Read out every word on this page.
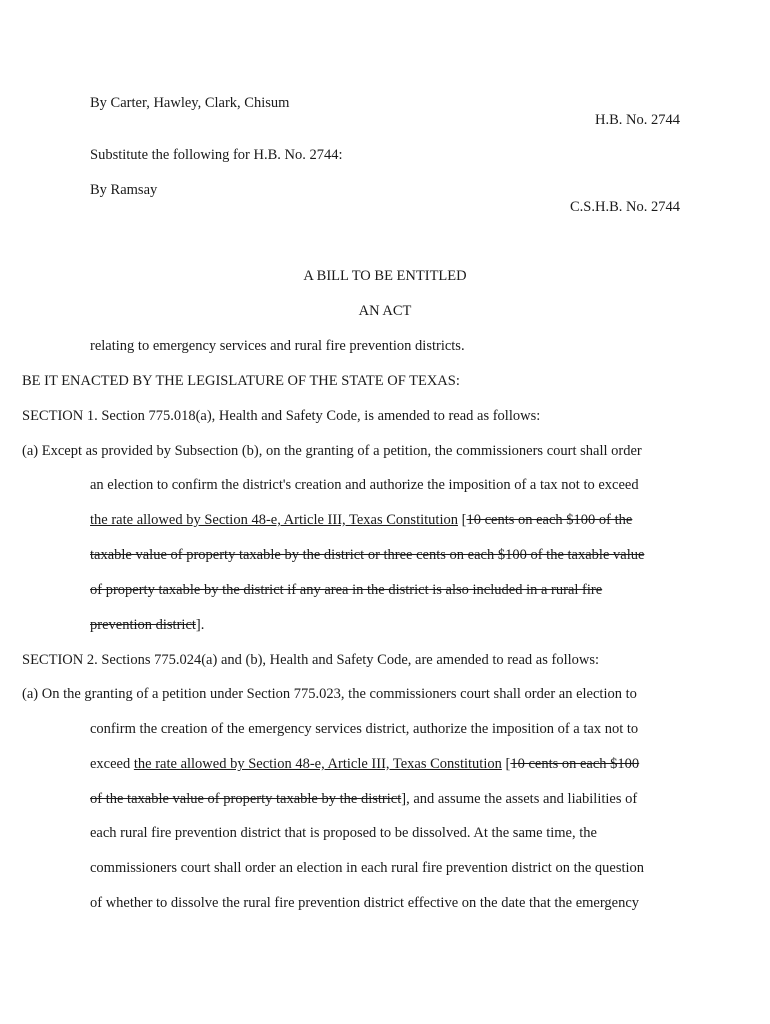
By Carter, Hawley, Clark, Chisum
H.B. No. 2744
Substitute the following for H.B. No. 2744:
By Ramsay
C.S.H.B. No. 2744
A BILL TO BE ENTITLED
AN ACT
relating to emergency services and rural fire prevention districts.
BE IT ENACTED BY THE LEGISLATURE OF THE STATE OF TEXAS:
SECTION 1. Section 775.018(a), Health and Safety Code, is amended to read as follows:
(a) Except as provided by Subsection (b), on the granting of a petition, the commissioners court shall order
an election to confirm the district's creation and authorize the imposition of a tax not to exceed
the rate allowed by Section 48-e, Article III, Texas Constitution [10 cents on each $100 of the
taxable value of property taxable by the district or three cents on each $100 of the taxable value
of property taxable by the district if any area in the district is also included in a rural fire
prevention district].
SECTION 2. Sections 775.024(a) and (b), Health and Safety Code, are amended to read as follows:
(a) On the granting of a petition under Section 775.023, the commissioners court shall order an election to
confirm the creation of the emergency services district, authorize the imposition of a tax not to
exceed the rate allowed by Section 48-e, Article III, Texas Constitution [10 cents on each $100
of the taxable value of property taxable by the district], and assume the assets and liabilities of
each rural fire prevention district that is proposed to be dissolved. At the same time, the
commissioners court shall order an election in each rural fire prevention district on the question
of whether to dissolve the rural fire prevention district effective on the date that the emergency
